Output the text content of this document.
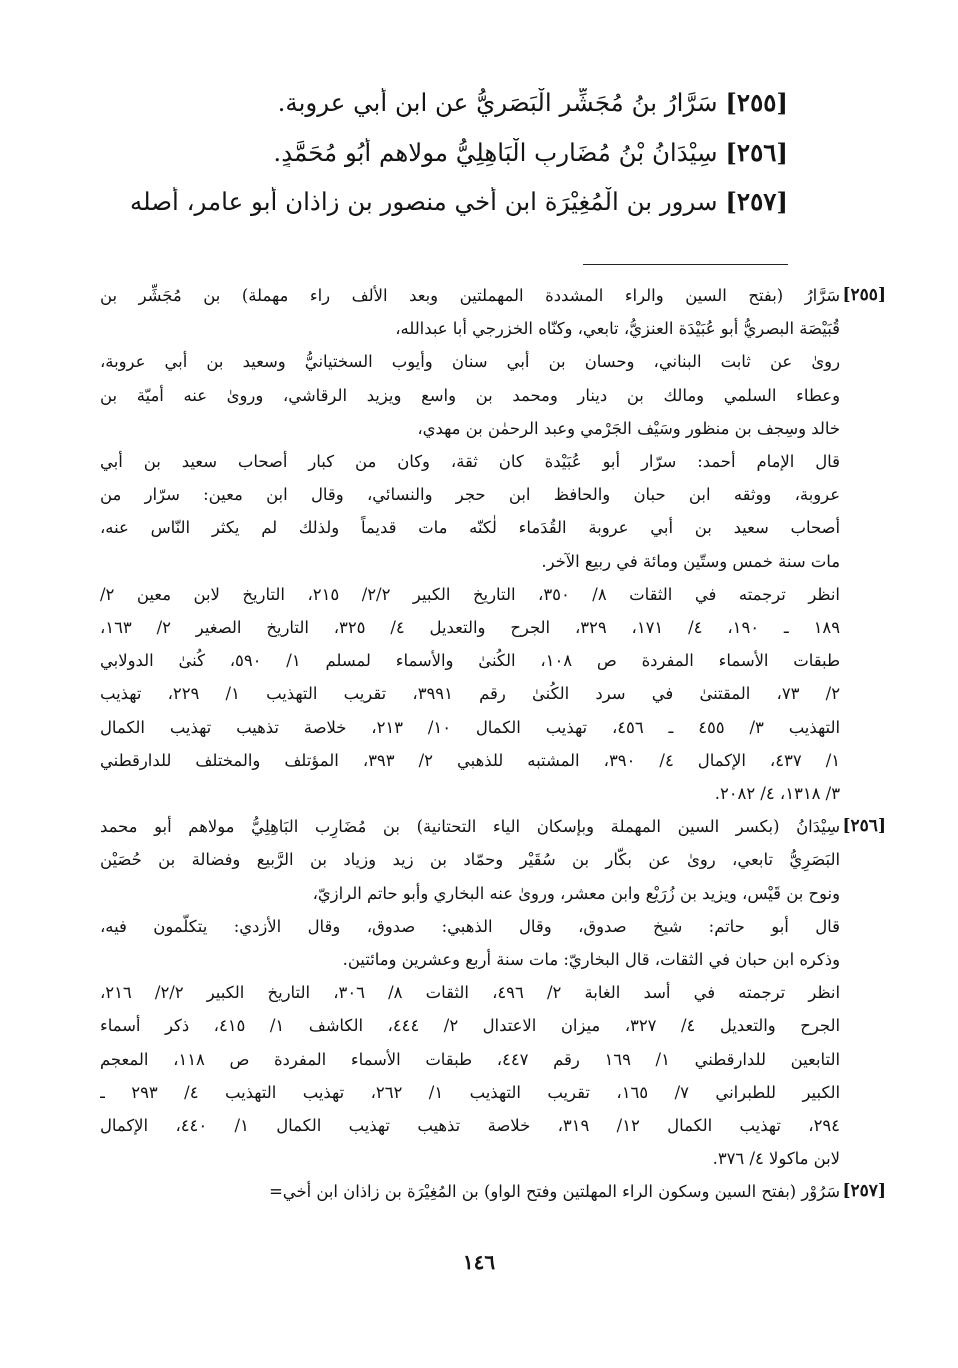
[٢٥٥] سَرَّارُ بنُ مُجَشِّرٍ الْبَصَرِيُّ عن ابن أبي عروبة.
[٢٥٦] سِيْدَانُ بْنُ مُضَارِبٍ الْبَاهِلِيُّ مولاهم أَبُو مُحَمَّدٍ.
[٢٥٧] سرور بن الْمُغِيْرَة ابن أخي منصور بن زاذان أبو عامر، أصله
[٢٥٥]
سَرَّارُ (بفتح السين والراء المشددة المهملتين وبعد الألف راء مهملة) بن مُجَشِّر بن
قُبَيْصَة البصريُّ أبو عُبَيْدَة العنزيُّ، تابعي، وكنّاه الخزرجي أبا عبدالله،
روىٰ عن ثابت البناني، وحسان بن أبي سنان وأيوب السختيانيُّ وسعيد بن أبي عروبة،
وعطاء السلمي ومالك بن دينار ومحمد بن واسع ويزيد الرقاشي، وروىٰ عنه أميّة بن
خالد وسِجف بن منظور وسَيْف الجَرْمي وعبد الرحمٰن بن مهدي،
قال الإمام أحمد: سرّار أبو عُبَيْدة كان ثقة، وكان من كبار أصحاب سعيد بن أبي
عروبة، ووثقه ابن حبان والحافظ ابن حجر والنسائي، وقال ابن معين: سرّار من
أصحاب سعيد بن أبي عروبة القُدَماء لٰكنّه مات قديماً ولذلك لم يكثر النّاس عنه،
مات سنة خمس وستّين ومائة في ربيع الآخر.
انظر ترجمته في الثقات ٨/ ٣٥٠، التاريخ الكبير ٢/٢/ ٢١٥، التاريخ لابن معين ٢/
١٨٩ ـ ١٩٠، ٤/ ١٧١، ٣٢٩، الجرح والتعديل ٤/ ٣٢٥، التاريخ الصغير ٢/ ١٦٣،
طبقات الأسماء المفردة ص ١٠٨، الكُنىٰ والأسماء لمسلم ١/ ٥٩٠، كُنىٰ الدولابي
٢/ ٧٣، المقتنىٰ في سرد الكُنىٰ رقم ٣٩٩١، تقريب التهذيب ١/ ٢٢٩، تهذيب
التهذيب ٣/ ٤٥٥ ـ ٤٥٦، تهذيب الكمال ١٠/ ٢١٣، خلاصة تذهيب تهذيب الكمال
١/ ٤٣٧، الإكمال ٤/ ٣٩٠، المشتبه للذهبي ٢/ ٣٩٣، المؤتلف والمختلف للدارقطني
٣/ ١٣١٨، ٤/ ٢٠٨٢.
[٢٥٦]
سِيْدَانُ (بكسر السين المهملة وبإسكان الياء التحتانية) بن مُضَارِب البَاهِلِيُّ مولاهم أبو محمد
البَصَرِيُّ تابعي، روىٰ عن بكّار بن سُقَيْر وحمّاد بن زيد وزياد بن الرَّبيع وفضالة بن حُصَيْن
ونوح بن قَيْس، ويزيد بن زُرَيْع وابن معشر، وروىٰ عنه البخاري وأبو حاتم الرازيّ،
قال أبو حاتم: شيخ صدوق، وقال الذهبي: صدوق، وقال الأزدي: يتكلّمون فيه،
وذكره ابن حبان في الثقات، قال البخاريّ: مات سنة أربع وعشرين ومائتين.
انظر ترجمته في أسد الغابة ٢/ ٤٩٦، الثقات ٨/ ٣٠٦، التاريخ الكبير ٢/٢/ ٢١٦،
الجرح والتعديل ٤/ ٣٢٧، ميزان الاعتدال ٢/ ٤٤٤، الكاشف ١/ ٤١٥، ذكر أسماء
التابعين للدارقطني ١/ ١٦٩ رقم ٤٤٧، طبقات الأسماء المفردة ص ١١٨، المعجم
الكبير للطبراني ٧/ ١٦٥، تقريب التهذيب ١/ ٢٦٢، تهذيب التهذيب ٤/ ٢٩٣ ـ
٢٩٤، تهذيب الكمال ١٢/ ٣١٩، خلاصة تذهيب تهذيب الكمال ١/ ٤٤٠، الإكمال
لابن ماكولا ٤/ ٣٧٦.
[٢٥٧]
سَرُوْر (بفتح السين وسكون الراء المهلتين وفتح الواو) بن المُغِيْرَة بن زاذان ابن أخي=
١٤٦
